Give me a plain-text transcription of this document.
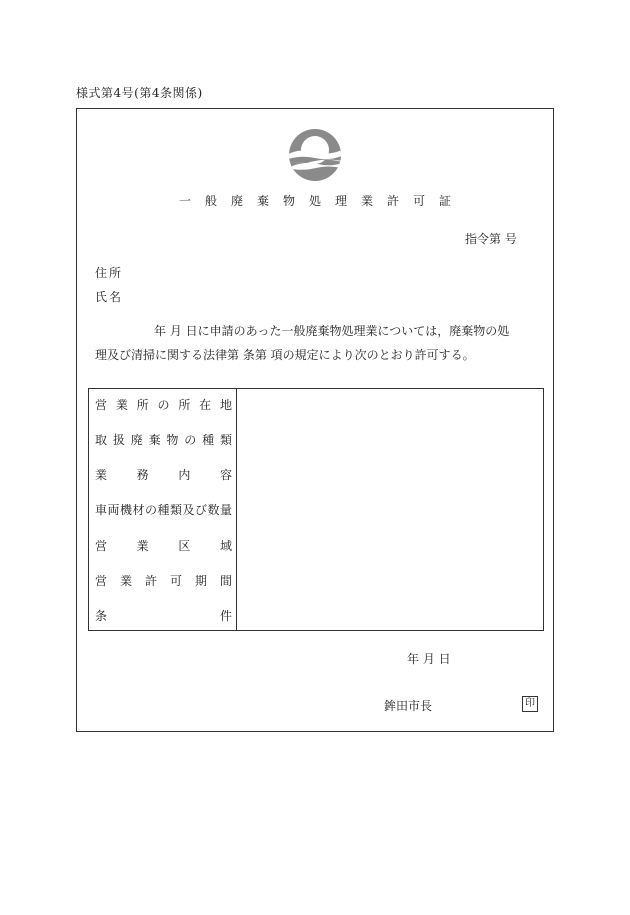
様式第4号(第4条関係)
一般廃棄物処理業許可証
指令第 号
住所
氏名
年 月 日に申請のあった一般廃棄物処理業については，廃棄物の処
理及び清掃に関する法律第 条第 項の規定により次のとおり許可する。
営業所の所在地
取扱廃棄物の種類
業務内容
車両機材の種類及び数量
営業区域
営業許可期間
条件
年 月 日
鉾田市長	印
